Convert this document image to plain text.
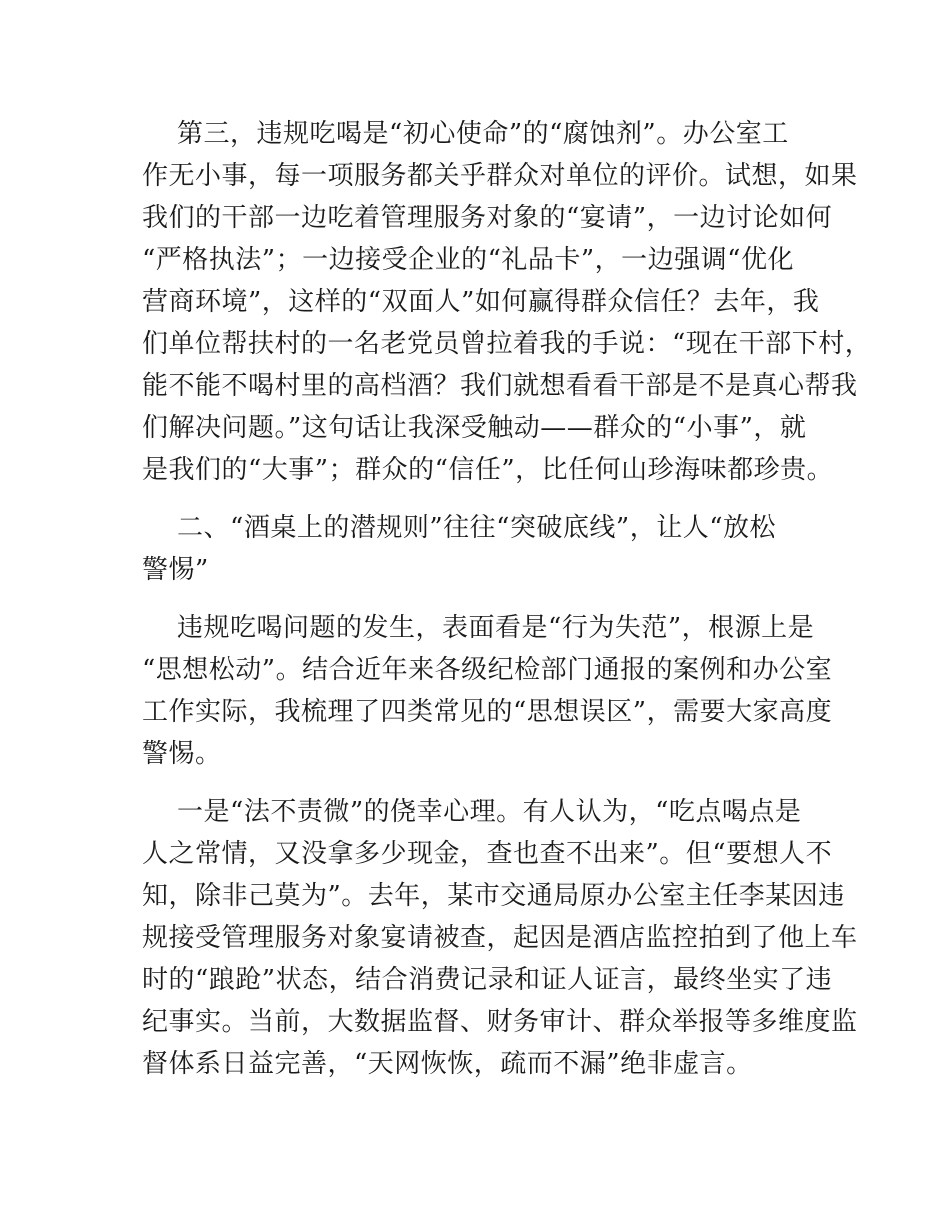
第三，违规吃喝是“初心使命”的“腐蚀剂”。办公室工
作无小事，每一项服务都关乎群众对单位的评价。试想，如果
我们的干部一边吃着管理服务对象的“宴请”，一边讨论如何
“严格执法”；一边接受企业的“礼品卡”，一边强调“优化
营商环境”，这样的“双面人”如何赢得群众信任？去年，我
们单位帮扶村的一名老党员曾拉着我的手说：“现在干部下村，
能不能不喝村里的高档酒？我们就想看看干部是不是真心帮我
们解决问题。”这句话让我深受触动——群众的“小事”，就
是我们的“大事”；群众的“信任”，比任何山珍海味都珍贵。

二、“酒桌上的潜规则”往往“突破底线”，让人“放松
警惕”

违规吃喝问题的发生，表面看是“行为失范”，根源上是
“思想松动”。结合近年来各级纪检部门通报的案例和办公室
工作实际，我梳理了四类常见的“思想误区”，需要大家高度
警惕。

一是“法不责微”的侥幸心理。有人认为，“吃点喝点是
人之常情，又没拿多少现金，查也查不出来”。但“要想人不
知，除非己莫为”。去年，某市交通局原办公室主任李某因违
规接受管理服务对象宴请被查，起因是酒店监控拍到了他上车
时的“踉跄”状态，结合消费记录和证人证言，最终坐实了违
纪事实。当前，大数据监督、财务审计、群众举报等多维度监
督体系日益完善，“天网恢恢，疏而不漏”绝非虚言。
